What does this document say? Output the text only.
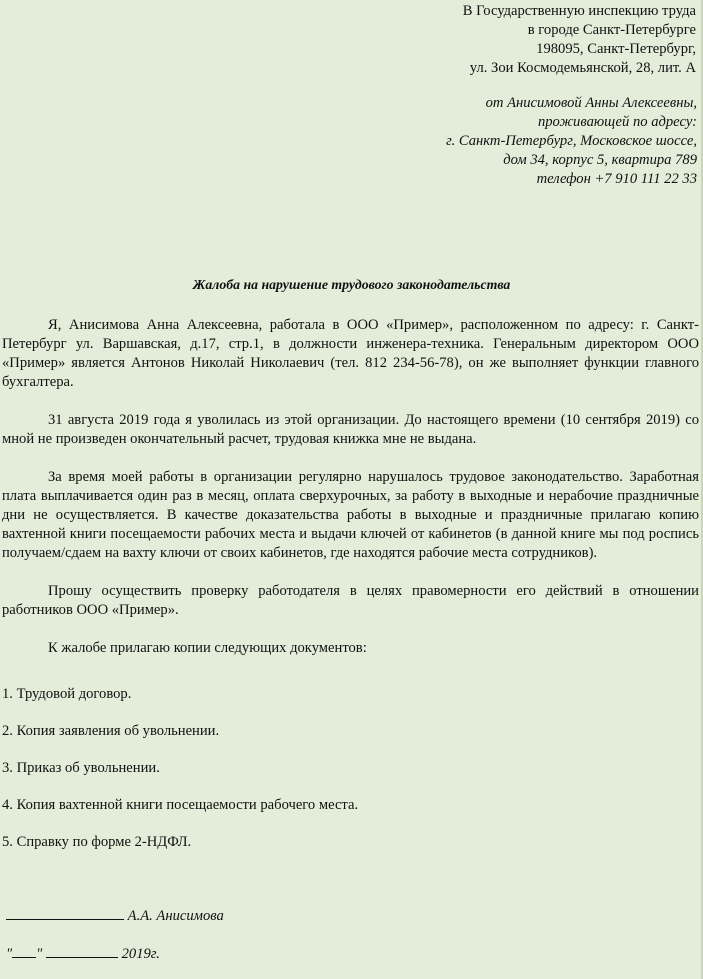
В Государственную инспекцию труда
в городе Санкт-Петербурге
198095, Санкт-Петербург,
ул. Зои Космодемьянской, 28, лит. А
от Анисимовой Анны Алексеевны,
проживающей по адресу:
г. Санкт-Петербург, Московское шоссе,
дом 34, корпус 5, квартира 789
телефон +7 910 111 22 33
Жалоба на нарушение трудового законодательства

Я, Анисимова Анна Алексеевна, работала в ООО «Пример», расположенном по адресу: г. Санкт-Петербург ул. Варшавская, д.17, стр.1, в должности инженера-техника. Генеральным директором ООО «Пример» является Антонов Николай Николаевич (тел. 812 234-56-78), он же выполняет функции главного бухгалтера.

31 августа 2019 года я уволилась из этой организации. До настоящего времени (10 сентября 2019) со мной не произведен окончательный расчет, трудовая книжка мне не выдана.

За время моей работы в организации регулярно нарушалось трудовое законодательство. Заработная плата выплачивается один раз в месяц, оплата сверхурочных, за работу в выходные и нерабочие праздничные дни не осуществляется. В качестве доказательства работы в выходные и праздничные прилагаю копию вахтенной книги посещаемости рабочих места и выдачи ключей от кабинетов (в данной книге мы под роспись получаем/сдаем на вахту ключи от своих кабинетов, где находятся рабочие места сотрудников).

Прошу осуществить проверку работодателя в целях правомерности его действий в отношении работников ООО «Пример».

К жалобе прилагаю копии следующих документов:

1. Трудовой договор.
2. Копия заявления об увольнении.
3. Приказ об увольнении.
4. Копия вахтенной книги посещаемости рабочего места.
5. Справку по форме 2-НДФЛ.
А.А. Анисимова
" "	2019г.
